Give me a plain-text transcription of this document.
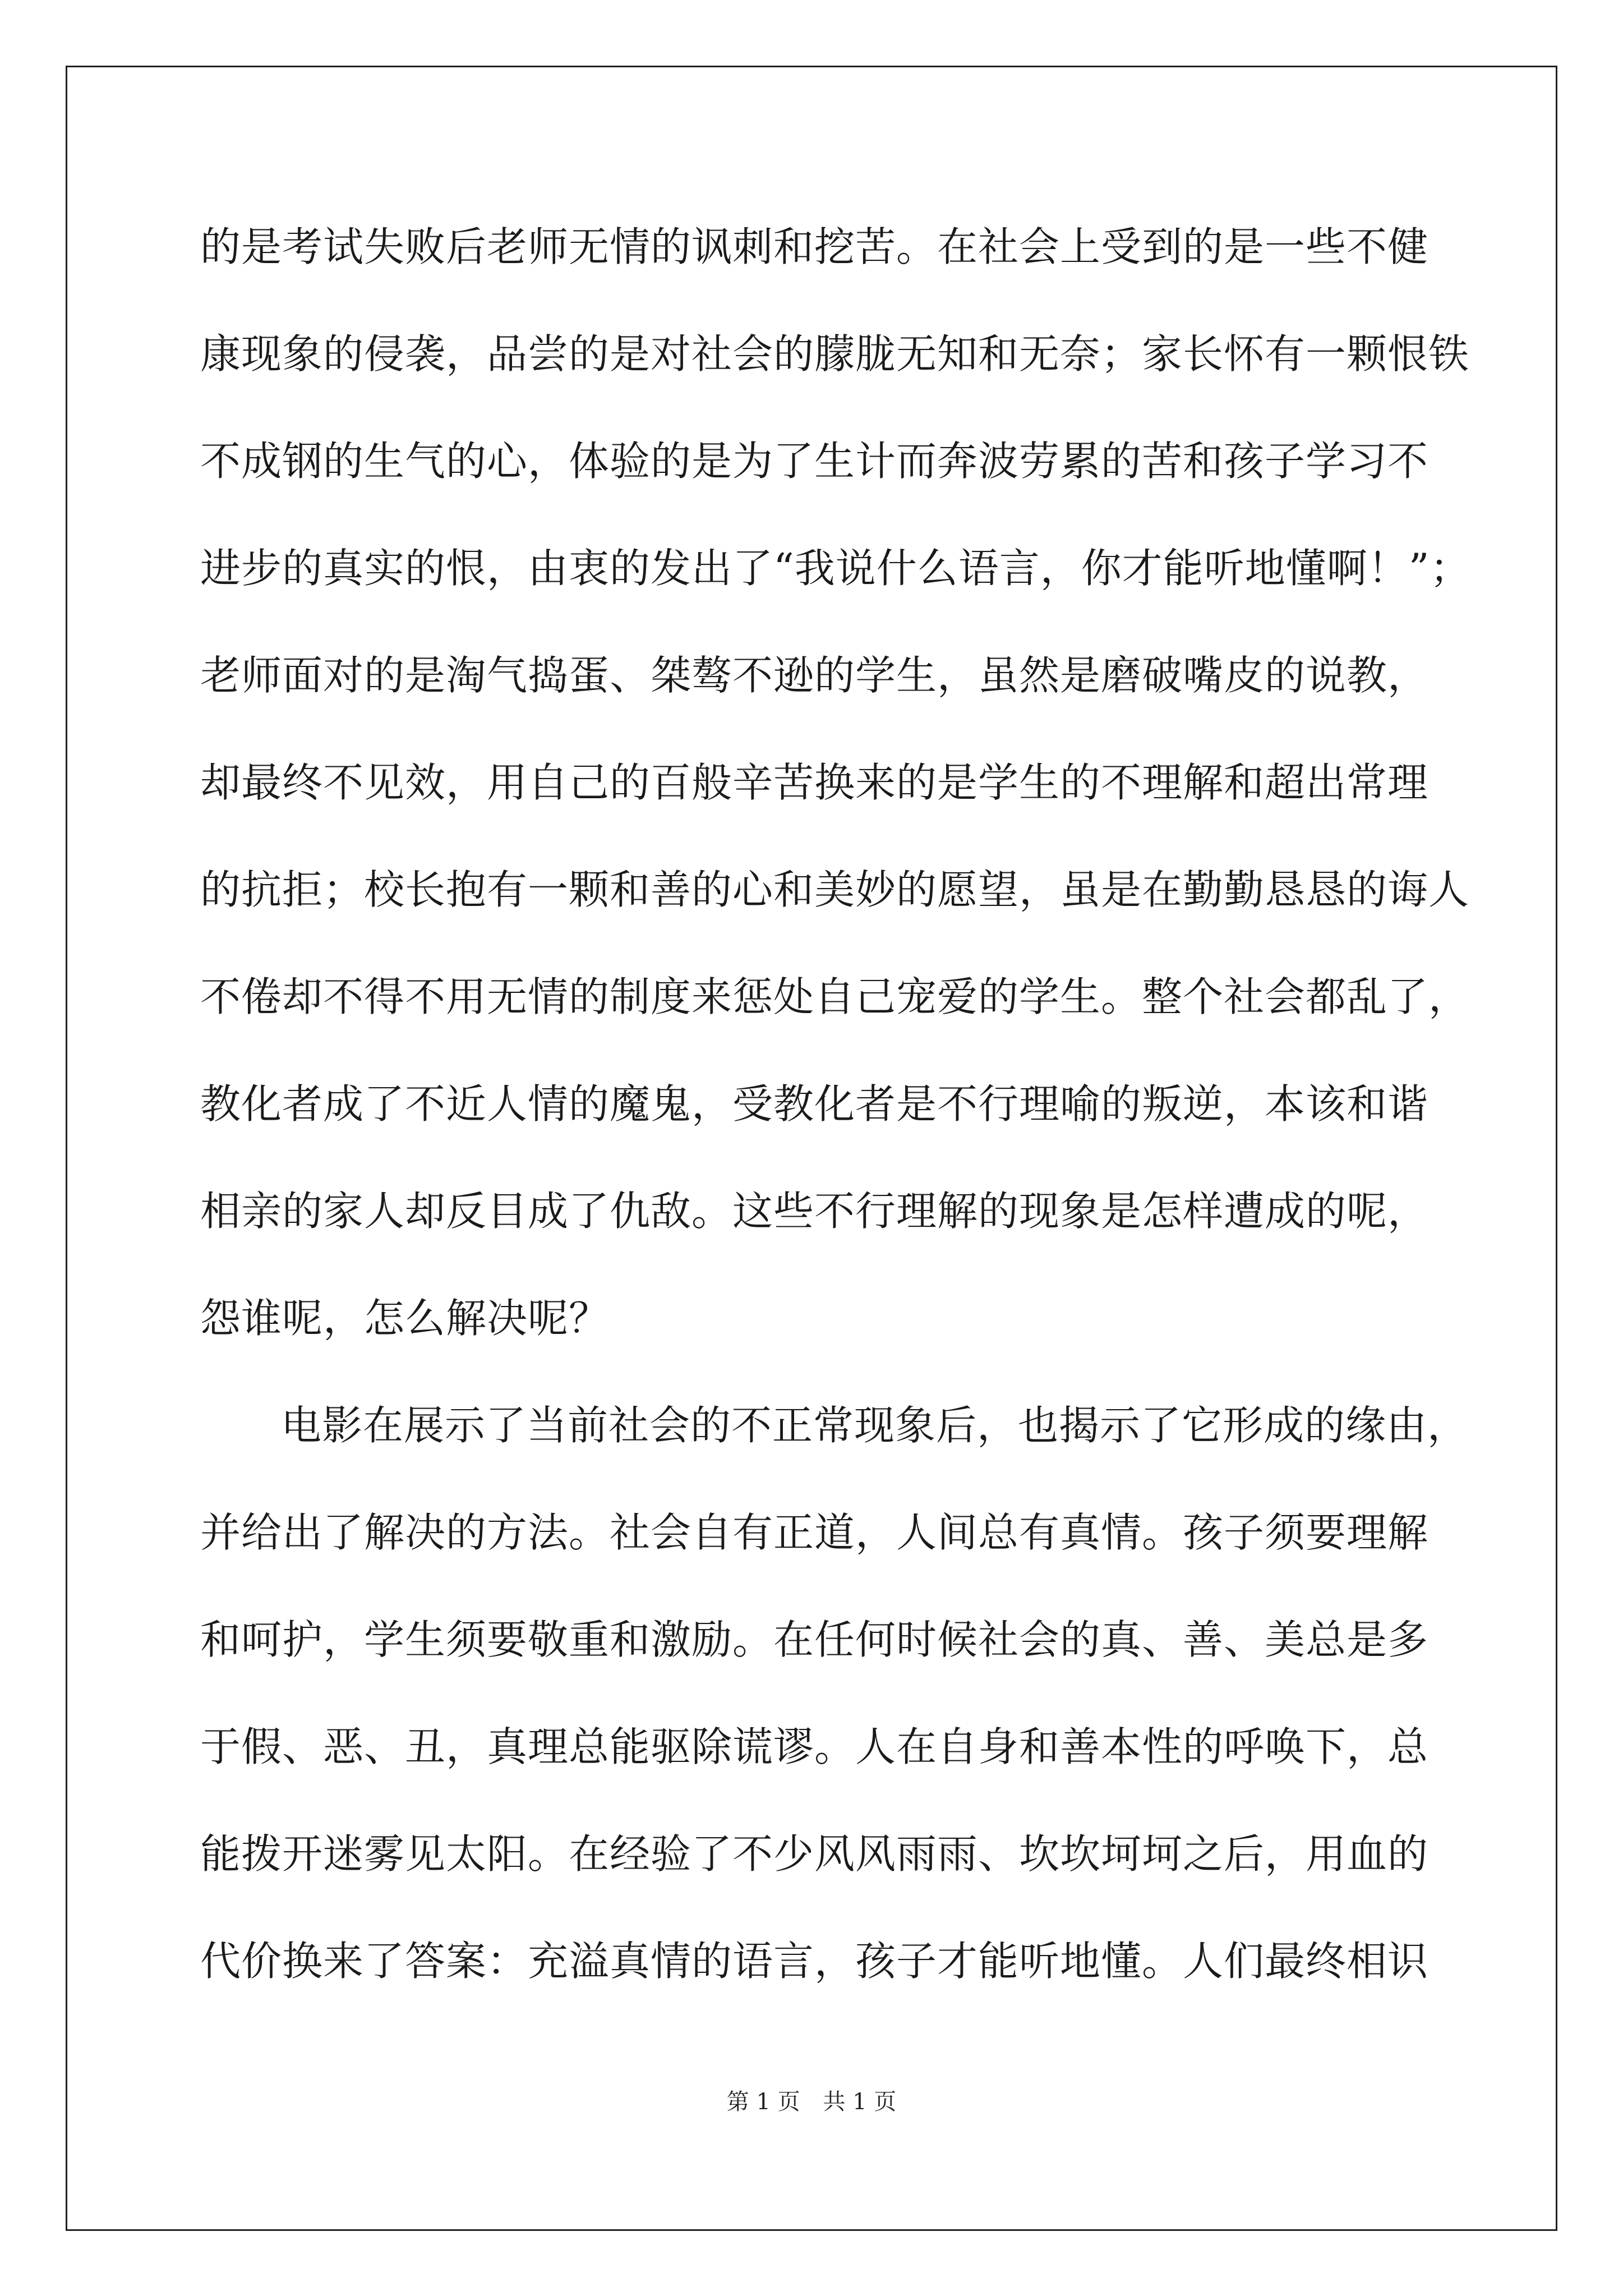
的是考试失败后老师无情的讽刺和挖苦。在社会上受到的是一些不健
康现象的侵袭，品尝的是对社会的朦胧无知和无奈；家长怀有一颗恨铁
不成钢的生气的心，体验的是为了生计而奔波劳累的苦和孩子学习不
进步的真实的恨，由衷的发出了“我说什么语言，你才能听地懂啊！”；
老师面对的是淘气捣蛋、桀骜不逊的学生，虽然是磨破嘴皮的说教，
却最终不见效，用自己的百般辛苦换来的是学生的不理解和超出常理
的抗拒；校长抱有一颗和善的心和美妙的愿望，虽是在勤勤恳恳的诲人
不倦却不得不用无情的制度来惩处自己宠爱的学生。整个社会都乱了，
教化者成了不近人情的魔鬼，受教化者是不行理喻的叛逆，本该和谐
相亲的家人却反目成了仇敌。这些不行理解的现象是怎样遭成的呢，
怨谁呢，怎么解决呢？
电影在展示了当前社会的不正常现象后，也揭示了它形成的缘由，
并给出了解决的方法。社会自有正道，人间总有真情。孩子须要理解
和呵护，学生须要敬重和激励。在任何时候社会的真、善、美总是多
于假、恶、丑，真理总能驱除谎谬。人在自身和善本性的呼唤下，总
能拨开迷雾见太阳。在经验了不少风风雨雨、坎坎坷坷之后，用血的
代价换来了答案：充溢真情的语言，孩子才能听地懂。人们最终相识
第 1 页 共 1 页
